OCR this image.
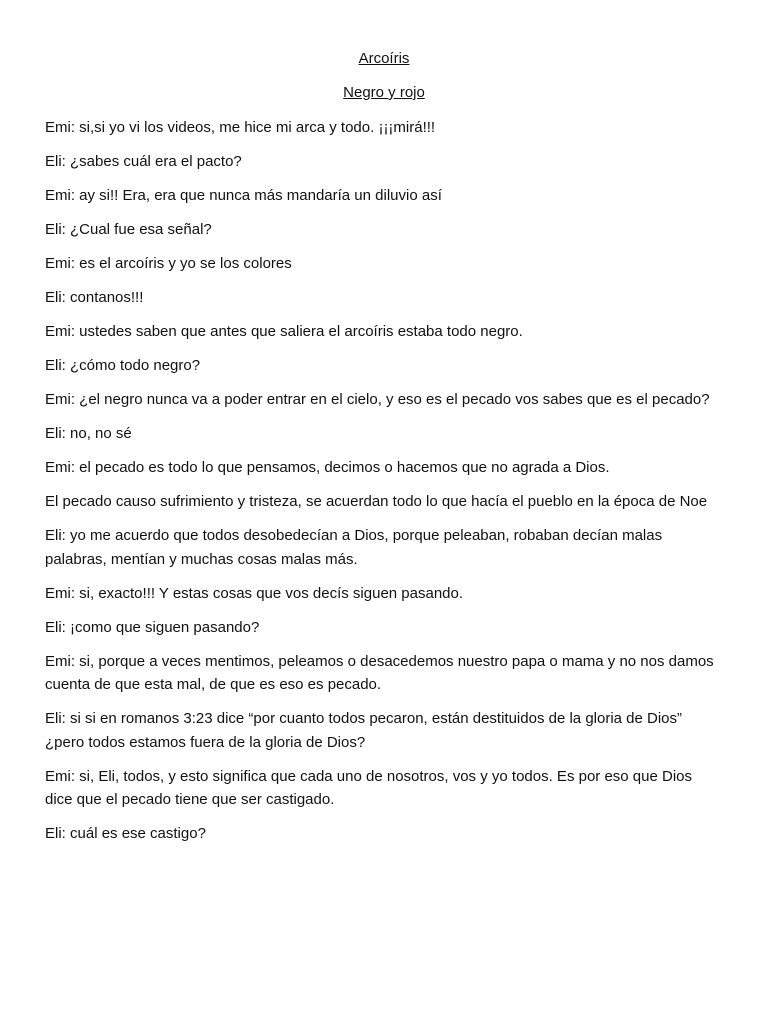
Arcoíris
Negro y rojo

Emi: si,si yo vi los videos, me hice mi arca y todo. ¡¡¡mirá!!!

Eli: ¿sabes cuál era el pacto?

Emi: ay si!! Era, era que nunca más mandaría un diluvio así

Eli: ¿Cual fue esa señal?

Emi: es el arcoíris y yo se los colores

Eli: contanos!!!

Emi: ustedes saben que antes que saliera el arcoíris estaba todo negro.

Eli: ¿cómo todo negro?

Emi: ¿el negro nunca va a poder entrar en el cielo, y eso es el pecado vos sabes que es el pecado?

Eli: no, no sé

Emi: el pecado es todo lo que pensamos, decimos o hacemos que no agrada a Dios.

El pecado causo sufrimiento y tristeza, se acuerdan todo lo que hacía el pueblo en la época de Noe

Eli: yo me acuerdo que todos desobedecían a Dios, porque peleaban, robaban decían malas palabras, mentían y muchas cosas malas más.

Emi: si, exacto!!! Y estas cosas que vos decís siguen pasando.

Eli: ¡como que siguen pasando?

Emi: si, porque a veces mentimos, peleamos o desacedemos nuestro papa o mama y no nos damos cuenta de que esta mal, de que es eso es pecado.

Eli: si si en romanos 3:23 dice “por cuanto todos pecaron, están destituidos de la gloria de Dios” ¿pero todos estamos fuera de la gloria de Dios?

Emi: si, Eli, todos, y esto significa que cada uno de nosotros, vos y yo todos. Es por eso que Dios dice que el pecado tiene que ser castigado.

Eli: cuál es ese castigo?
